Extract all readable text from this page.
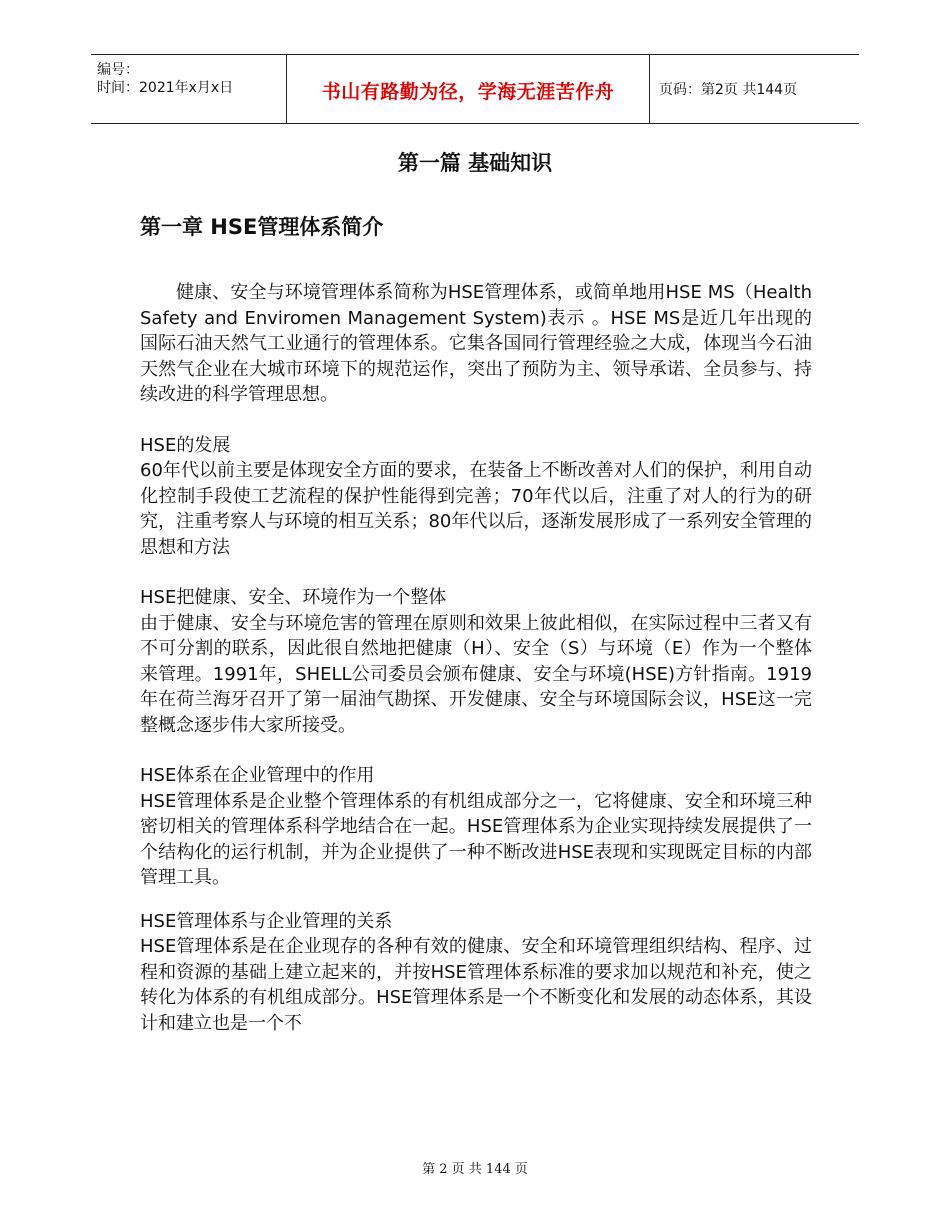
编号：
时间：2021年x月x日	书山有路勤为径，学海无涯苦作舟	页码：第2页 共144页
第一篇 基础知识
第一章 HSE管理体系简介

健康、安全与环境管理体系简称为HSE管理体系，或简单地用HSE MS（Health Safety and Enviromen Management System)表示 。HSE MS是近几年出现的国际石油天然气工业通行的管理体系。它集各国同行管理经验之大成，体现当今石油天然气企业在大城市环境下的规范运作，突出了预防为主、领导承诺、全员参与、持续改进的科学管理思想。

HSE的发展

60年代以前主要是体现安全方面的要求，在装备上不断改善对人们的保护，利用自动化控制手段使工艺流程的保护性能得到完善；70年代以后，注重了对人的行为的研究，注重考察人与环境的相互关系；80年代以后，逐渐发展形成了一系列安全管理的思想和方法

HSE把健康、安全、环境作为一个整体

由于健康、安全与环境危害的管理在原则和效果上彼此相似，在实际过程中三者又有不可分割的联系，因此很自然地把健康（H）、安全（S）与环境（E）作为一个整体来管理。1991年，SHELL公司委员会颁布健康、安全与环境(HSE)方针指南。1919年在荷兰海牙召开了第一届油气勘探、开发健康、安全与环境国际会议，HSE这一完整概念逐步伟大家所接受。

HSE体系在企业管理中的作用

HSE管理体系是企业整个管理体系的有机组成部分之一，它将健康、安全和环境三种密切相关的管理体系科学地结合在一起。HSE管理体系为企业实现持续发展提供了一个结构化的运行机制，并为企业提供了一种不断改进HSE表现和实现既定目标的内部管理工具。

HSE管理体系与企业管理的关系

HSE管理体系是在企业现存的各种有效的健康、安全和环境管理组织结构、程序、过程和资源的基础上建立起来的，并按HSE管理体系标准的要求加以规范和补充，使之转化为体系的有机组成部分。HSE管理体系是一个不断变化和发展的动态体系，其设计和建立也是一个不

第 2 页 共 144 页
